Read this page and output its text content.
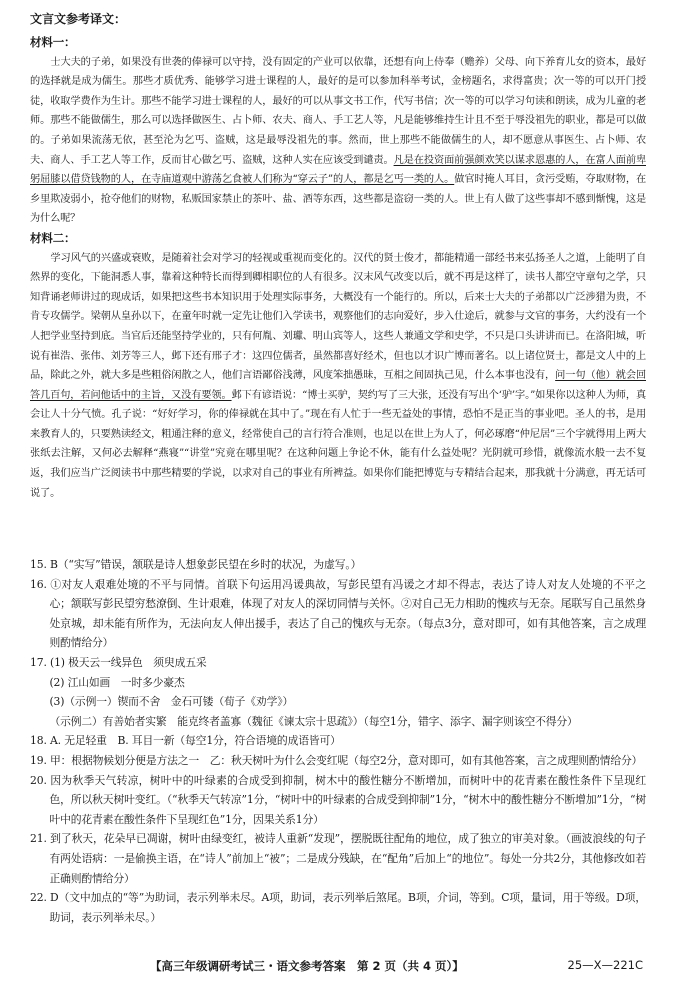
文言文参考译文：
材料一：
士大夫的子弟，如果没有世袭的俸禄可以守持，没有固定的产业可以依靠，还想有向上侍奉（赡养）父母、向下养育儿女的资本，最好的选择就是成为儒生。那些才质优秀、能够学习进士课程的人，最好的是可以参加科举考试，金榜题名，求得富贵；次一等的可以开门授徒，收取学费作为生计。那些不能学习进士课程的人，最好的可以从事文书工作，代写书信；次一等的可以学习句读和朗读，成为儿童的老师。那些不能做儒生，那么可以选择做医生、占卜师、农夫、商人、手工艺人等，凡是能够维持生计且不至于辱没祖先的职业，都是可以做的。子弟如果流荡无依，甚至沦为乞丐、盗贼，这是最辱没祖先的事。然而，世上那些不能做儒生的人，却不愿意从事医生、占卜师、农夫、商人、手工艺人等工作，反而甘心做乞丐、盗贼，这种人实在应该受到谴责。凡是在投资面前强颜欢笑以谋求恩惠的人，在富人面前卑躬屈膝以借贷钱物的人，在寺庙道观中游荡乞食被人们称为“穿云子”的人，都是乞丐一类的人。做官时掩人耳目，贪污受贿，夺取财物，在乡里欺凌弱小，抢夺他们的财物，私贩国家禁止的茶叶、盐、酒等东西，这些都是盗窃一类的人。世上有人做了这些事却不感到惭愧，这是为什么呢？
材料二：
学习风气的兴盛或衰败，是随着社会对学习的轻视或重视而变化的。汉代的贤士俊才，都能精通一部经书来弘扬圣人之道，上能明了自然界的变化，下能洞悉人事，靠着这种特长而得到卿相职位的人有很多。汉末风气改变以后，就不再是这样了，读书人都空守章句之学，只知背诵老师讲过的现成话，如果把这些书本知识用于处理实际事务，大概没有一个能行的。所以，后来士大夫的子弟都以广泛涉猎为贵，不肯专攻儒学。梁朝从皇孙以下，在童年时就一定先让他们入学读书，观察他们的志向爱好，步入仕途后，就参与文官的事务，大约没有一个人把学业坚持到底。当官后还能坚持学业的，只有何胤、刘瓛、明山宾等人，这些人兼通文学和史学，不只是口头讲讲而已。在洛阳城，听说有崔浩、张伟、刘芳等三人，邺下还有邢子才：这四位儒者，虽然都喜好经术，但也以才识广博而著名。以上诸位贤士，都是文人中的上品，除此之外，就大多是些粗俗闲散之人，他们言语鄙俗浅薄，风度笨拙愚昧，互相之间固执己见，什么本事也没有，问一句（他）就会回答几百句，若问他话中的主旨，又没有要领。邺下有谚语说：“博士买驴，契约写了三大张，还没有写出个‘驴’字。”如果你以这种人为师，真会让人十分气愤。孔子说：“好好学习，你的俸禄就在其中了。”现在有人忙于一些无益处的事情，恐怕不是正当的事业吧。圣人的书，是用来教育人的，只要熟读经文，粗通注释的意义，经常使自己的言行符合准则，也足以在世上为人了，何必琢磨“仲尼居”三个字就得用上两大张纸去注解，又何必去解释“燕寝”“讲堂”究竟在哪里呢？在这种问题上争论不休，能有什么益处呢？光阴就可珍惜，就像流水般一去不复返，我们应当广泛阅读书中那些精要的学说，以求对自己的事业有所裨益。如果你们能把博览与专精结合起来，那我就十分满意，再无话可说了。
15. B（“实写”错误，颔联是诗人想象彭民望在乡时的状况，为虚写。）
16. ①对友人艰难处境的不平与同情。首联下句运用冯谖典故，写彭民望有冯谖之才却不得志，表达了诗人对友人处境的不平之心；颔联写彭民望穷愁潦倒、生计艰难，体现了对友人的深切同情与关怀。②对自己无力相助的愧疚与无奈。尾联写自己虽然身处京城，却未能有所作为，无法向友人伸出援手，表达了自己的愧疚与无奈。（每点3分，意对即可，如有其他答案，言之成理则酌情给分）
17. (1) 极天云一线异色　须臾成五采
(2) 江山如画　一时多少豪杰
(3)（示例一）锲而不舍　金石可镂（荀子《劝学》）
（示例二）有善始者实繁　能克终者盖寡（魏征《谏太宗十思疏》）（每空1分，错字、添字、漏字则该空不得分）
18. A. 无足轻重　B. 耳目一新（每空1分，符合语境的成语皆可）
19. 甲：根据物候划分便是方法之一　乙：秋天树叶为什么会变红呢（每空2分，意对即可，如有其他答案，言之成理则酌情给分）
20. 因为秋季天气转凉，树叶中的叶绿素的合成受到抑制，树木中的酸性糖分不断增加，而树叶中的花青素在酸性条件下呈现红色，所以秋天树叶变红。（“秋季天气转凉”1分，“树叶中的叶绿素的合成受到抑制”1分，“树木中的酸性糖分不断增加”1分，“树叶中的花青素在酸性条件下呈现红色”1分，因果关系1分）
21. 到了秋天，花朵早已凋谢，树叶由绿变红，被诗人重新“发现”，摆脱既往配角的地位，成了独立的审美对象。（画波浪线的句子有两处语病：一是偷换主语，在“诗人”前加上“被”；二是成分残缺，在“配角”后加上“的地位”。每处一分共2分，其他修改如若正确则酌情给分）
22. D（文中加点的“等”为助词，表示列举未尽。A项，助词，表示列举后煞尾。B项，介词，等到。C项，量词，用于等级。D项，助词，表示列举未尽。）
【高三年级调研考试三・语文参考答案　第 2 页（共 4 页）】	25—X—221C
